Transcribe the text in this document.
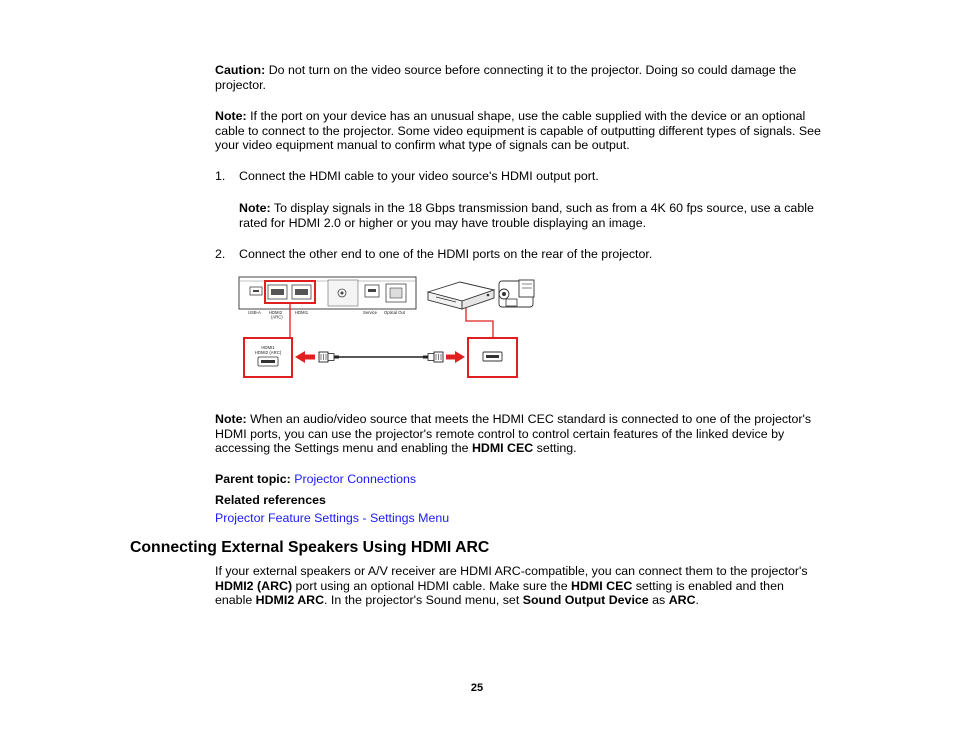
Caution: Do not turn on the video source before connecting it to the projector. Doing so could damage the projector.
Note: If the port on your device has an unusual shape, use the cable supplied with the device or an optional cable to connect to the projector. Some video equipment is capable of outputting different types of signals. See your video equipment manual to confirm what type of signals can be output.
1. Connect the HDMI cable to your video source's HDMI output port.
Note: To display signals in the 18 Gbps transmission band, such as from a 4K 60 fps source, use a cable rated for HDMI 2.0 or higher or you may have trouble displaying an image.
2. Connect the other end to one of the HDMI ports on the rear of the projector.
USB-A HDMI2
(ARC)
HDMI1	Service Optical Out
HDMI1
HDMI2 (ARC)
Note: When an audio/video source that meets the HDMI CEC standard is connected to one of the projector's HDMI ports, you can use the projector's remote control to control certain features of the linked device by accessing the Settings menu and enabling the HDMI CEC setting.
Parent topic: Projector Connections
Related references
Projector Feature Settings - Settings Menu
Connecting External Speakers Using HDMI ARC
If your external speakers or A/V receiver are HDMI ARC-compatible, you can connect them to the projector's HDMI2 (ARC) port using an optional HDMI cable. Make sure the HDMI CEC setting is enabled and then enable HDMI2 ARC. In the projector's Sound menu, set Sound Output Device as ARC.
25
